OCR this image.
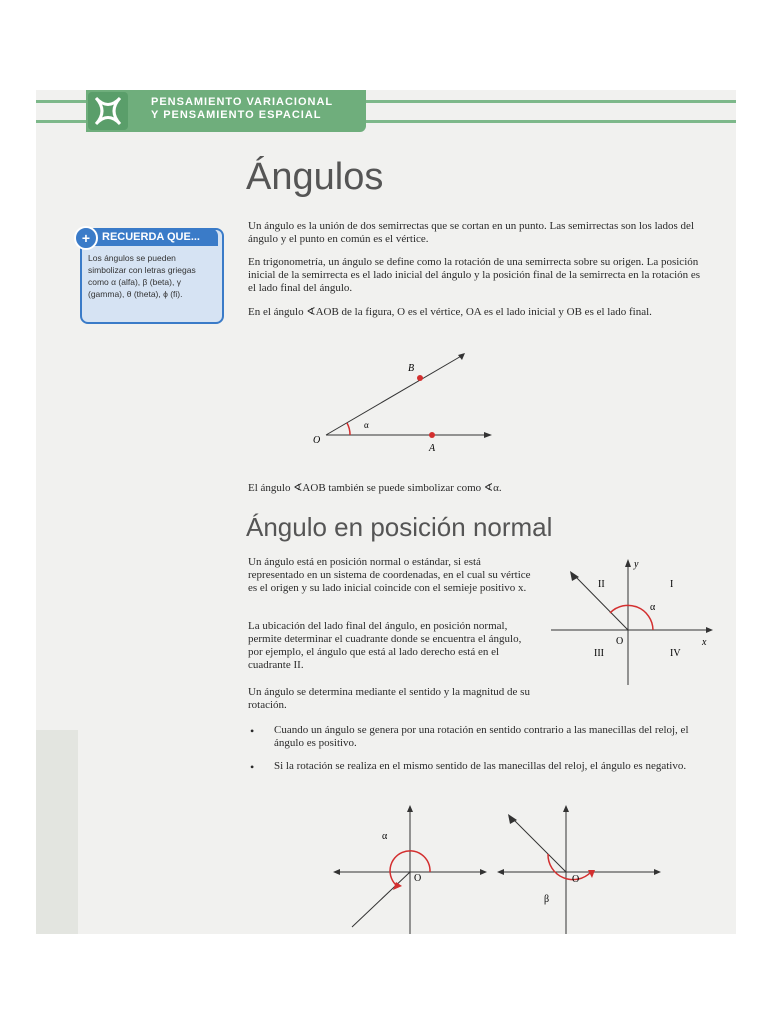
PENSAMIENTO VARIACIONAL
Y PENSAMIENTO ESPACIAL
Ángulos
RECUERDA QUE...
+
Los ángulos se pueden simbolizar con letras griegas como α (alfa), β (beta), γ (gamma), θ (theta), ϕ (fi).
Un ángulo es la unión de dos semirrectas que se cortan en un punto. Las semirrectas son los lados del ángulo y el punto en común es el vértice.
En trigonometría, un ángulo se define como la rotación de una semirrecta sobre su origen. La posición inicial de la semirrecta es el lado inicial del ángulo y la posición final de la semirrecta en la rotación es el lado final del ángulo.
En el ángulo ∢AOB de la figura, O es el vértice, OA es el lado inicial y OB es el lado final.
O
A
B
α
El ángulo ∢AOB también se puede simbolizar como ∢α.
Ángulo en posición normal
Un ángulo está en posición normal o estándar, si está representado en un sistema de coordenadas, en el cual su vértice es el origen y su lado inicial coincide con el semieje positivo x.
La ubicación del lado final del ángulo, en posición normal, permite determinar el cuadrante donde se encuentra el ángulo, por ejemplo, el ángulo que está al lado derecho está en el cuadrante II.
Un ángulo se determina mediante el sentido y la magnitud de su rotación.
• Cuando un ángulo se genera por una rotación en sentido contrario a las manecillas del reloj, el ángulo es positivo.
• Si la rotación se realiza en el mismo sentido de las manecillas del reloj, el ángulo es negativo.
II	I
III	IV
y
x
O
α
α
O
β
O
